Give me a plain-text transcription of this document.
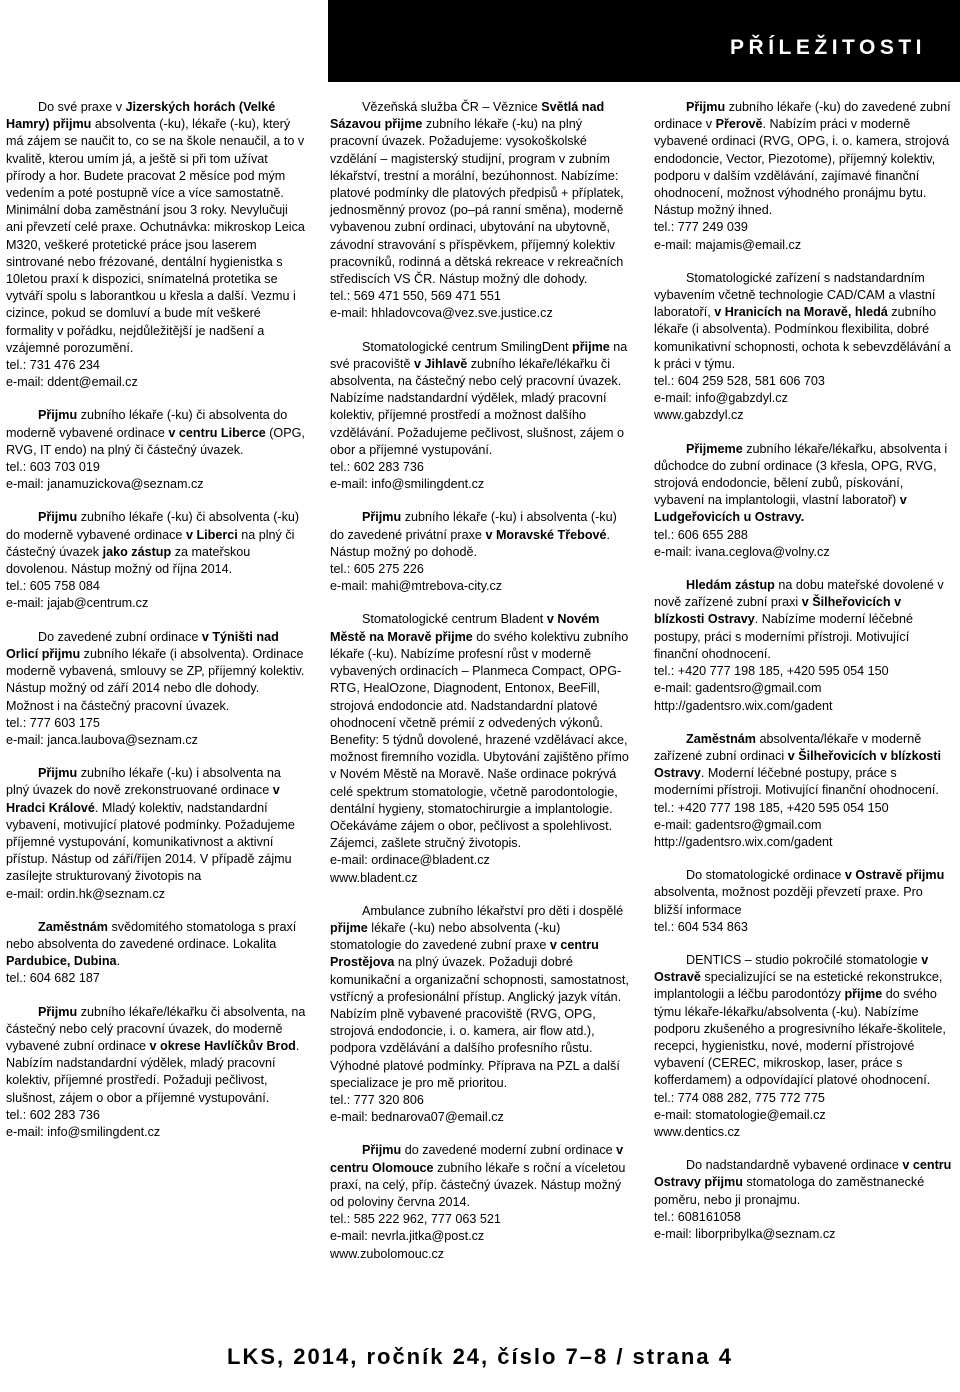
PŘÍLEŽITOSTI

Do své praxe v Jizerských horách (Velké Hamry) přijmu absolventa (-ku), lékaře (-ku), který má zájem se naučit to, co se na škole nenaučil, a to v kvalitě, kterou umím já, a ještě si při tom užívat přírody a hor. Budete pracovat 2 měsíce pod mým vedením a poté postupně více a více samostatně. Minimální doba zaměstnání jsou 3 roky. Nevylučuji ani převzetí celé praxe. Ochutnávka: mikroskop Leica M320, veškeré protetické práce jsou laserem sintrované nebo frézované, dentální hygienistka s 10letou praxí k dispozici, snímatelná protetika se vytváří spolu s laborantkou u křesla a další. Vezmu i cizince, pokud se domluví a bude mít veškeré formality v pořádku, nejdůležitější je nadšení a vzájemné porozumění.

tel.: 731 476 234
e-mail: ddent@email.cz

Přijmu zubního lékaře (-ku) či absolventa do moderně vybavené ordinace v centru Liberce (OPG, RVG, IT endo) na plný či částečný úvazek.

tel.: 603 703 019
e-mail: janamuzickova@seznam.cz

Přijmu zubního lékaře (-ku) či absolventa (-ku) do moderně vybavené ordinace v Liberci na plný či částečný úvazek jako zástup za mateřskou dovolenou. Nástup možný od října 2014.

tel.: 605 758 084
e-mail: jajab@centrum.cz

Do zavedené zubní ordinace v Týništi nad Orlicí přijmu zubního lékaře (i absolventa). Ordinace moderně vybavená, smlouvy se ZP, příjemný kolektiv. Nástup možný od září 2014 nebo dle dohody. Možnost i na částečný pracovní úvazek.

tel.: 777 603 175
e-mail: janca.laubova@seznam.cz

Přijmu zubního lékaře (-ku) i absolventa na plný úvazek do nově zrekonstruované ordinace v Hradci Králové. Mladý kolektiv, nadstandardní vybavení, motivující platové podmínky. Požadujeme příjemné vystupování, komunikativnost a aktivní přístup. Nástup od září/říjen 2014. V případě zájmu zasílejte strukturovaný životopis na

e-mail: ordin.hk@seznam.cz

Zaměstnám svědomitého stomatologa s praxí nebo absolventa do zavedené ordinace. Lokalita Pardubice, Dubina.

tel.: 604 682 187

Přijmu zubního lékaře/lékařku či absolventa, na částečný nebo celý pracovní úvazek, do moderně vybavené zubní ordinace v okrese Havlíčkův Brod. Nabízím nadstandardní výdělek, mladý pracovní kolektiv, příjemné prostředí. Požaduji pečlivost, slušnost, zájem o obor a příjemné vystupování.

tel.: 602 283 736
e-mail: info@smilingdent.cz

Vězeňská služba ČR – Věznice Světlá nad Sázavou přijme zubního lékaře (-ku) na plný pracovní úvazek. Požadujeme: vysokoškolské vzdělání – magisterský studijní, program v zubním lékařství, trestní a morální, bezúhonnost. Nabízíme: platové podmínky dle platových předpisů + příplatek, jednosměnný provoz (po–pá ranní směna), moderně vybavenou zubní ordinaci, ubytování na ubytovně, závodní stravování s příspěvkem, příjemný kolektiv pracovníků, rodinná a dětská rekreace v rekreačních střediscích VS ČR. Nástup možný dle dohody.

tel.: 569 471 550, 569 471 551
e-mail: hhladovcova@vez.sve.justice.cz

Stomatologické centrum SmilingDent přijme na své pracoviště v Jihlavě zubního lékaře/lékařku či absolventa, na částečný nebo celý pracovní úvazek. Nabízíme nadstandardní výdělek, mladý pracovní kolektiv, příjemné prostředí a možnost dalšího vzdělávání. Požadujeme pečlivost, slušnost, zájem o obor a příjemné vystupování.

tel.: 602 283 736
e-mail: info@smilingdent.cz

Přijmu zubního lékaře (-ku) i absolventa (-ku) do zavedené privátní praxe v Moravské Třebové. Nástup možný po dohodě.

tel.: 605 275 226
e-mail: mahi@mtrebova-city.cz

Stomatologické centrum Bladent v Novém Městě na Moravě přijme do svého kolektivu zubního lékaře (-ku). Nabízíme profesní růst v moderně vybavených ordinacích – Planmeca Compact, OPG-RTG, HealOzone, Diagnodent, Entonox, BeeFill, strojová endodoncie atd. Nadstandardní platové ohodnocení včetně prémií z odvedených výkonů. Benefity: 5 týdnů dovolené, hrazené vzdělávací akce, možnost firemního vozidla. Ubytování zajištěno přímo v Novém Městě na Moravě. Naše ordinace pokrývá celé spektrum stomatologie, včetně parodontologie, dentální hygieny, stomatochirurgie a implantologie. Očekáváme zájem o obor, pečlivost a spolehlivost. Zájemci, zašlete stručný životopis.

e-mail: ordinace@bladent.cz
www.bladent.cz

Ambulance zubního lékařství pro děti i dospělé přijme lékaře (-ku) nebo absolventa (-ku) stomatologie do zavedené zubní praxe v centru Prostějova na plný úvazek. Požaduji dobré komunikační a organizační schopnosti, samostatnost, vstřícný a profesionální přístup. Anglický jazyk vítán. Nabízím plně vybavené pracoviště (RVG, OPG, strojová endodoncie, i. o. kamera, air flow atd.), podpora vzdělávání a dalšího profesního růstu. Výhodné platové podmínky. Příprava na PZL a další specializace je pro mě prioritou.

tel.: 777 320 806
e-mail: bednarova07@email.cz

Přijmu do zavedené moderní zubní ordinace v centru Olomouce zubního lékaře s roční a víceletou praxí, na celý, příp. částečný úvazek. Nástup možný od poloviny června 2014.

tel.: 585 222 962, 777 063 521
e-mail: nevrla.jitka@post.cz
www.zubolomouc.cz

Přijmu zubního lékaře (-ku) do zavedené zubní ordinace v Přerově. Nabízím práci v moderně vybavené ordinaci (RVG, OPG, i. o. kamera, strojová endodoncie, Vector, Piezotome), příjemný kolektiv, podporu v dalším vzdělávání, zajímavé finanční ohodnocení, možnost výhodného pronájmu bytu. Nástup možný ihned.

tel.: 777 249 039
e-mail: majamis@email.cz

Stomatologické zařízení s nadstandardním vybavením včetně technologie CAD/CAM a vlastní laboratoří, v Hranicích na Moravě, hledá zubního lékaře (i absolventa). Podmínkou flexibilita, dobré komunikativní schopnosti, ochota k sebevzdělávání a k práci v týmu.

tel.: 604 259 528, 581 606 703
e-mail: info@gabzdyl.cz
www.gabzdyl.cz

Přijmeme zubního lékaře/lékařku, absolventa i důchodce do zubní ordinace (3 křesla, OPG, RVG, strojová endodoncie, bělení zubů, pískování, vybavení na implantologii, vlastní laboratoř) v Ludgeřovicích u Ostravy.

tel.: 606 655 288
e-mail: ivana.ceglova@volny.cz

Hledám zástup na dobu mateřské dovolené v nově zařízené zubní praxi v Šilheřovicích v blízkosti Ostravy. Nabízíme moderní léčebné postupy, práci s moderními přístroji. Motivující finanční ohodnocení.

tel.: +420 777 198 185, +420 595 054 150
e-mail: gadentsro@gmail.com
http://gadentsro.wix.com/gadent

Zaměstnám absolventa/lékaře v moderně zařízené zubní ordinaci v Šilheřovicích v blízkosti Ostravy. Moderní léčebné postupy, práce s moderními přístroji. Motivující finanční ohodnocení.

tel.: +420 777 198 185, +420 595 054 150
e-mail: gadentsro@gmail.com
http://gadentsro.wix.com/gadent

Do stomatologické ordinace v Ostravě přijmu absolventa, možnost později převzetí praxe. Pro bližší informace

tel.: 604 534 863

DENTICS – studio pokročilé stomatologie v Ostravě specializující se na estetické rekonstrukce, implantologii a léčbu parodontózy přijme do svého týmu lékaře-lékařku/absolventa (-ku). Nabízíme podporu zkušeného a progresivního lékaře-školitele, recepci, hygienistku, nové, moderní přístrojové vybavení (CEREC, mikroskop, laser, práce s kofferdamem) a odpovídající platové ohodnocení.

tel.: 774 088 282, 775 772 775
e-mail: stomatologie@email.cz
www.dentics.cz

Do nadstandardně vybavené ordinace v centru Ostravy přijmu stomatologa do zaměstnanecké poměru, nebo ji pronajmu.

tel.: 608161058
e-mail: liborpribylka@seznam.cz
LKS, 2014, ročník 24, číslo 7–8 / strana 4
